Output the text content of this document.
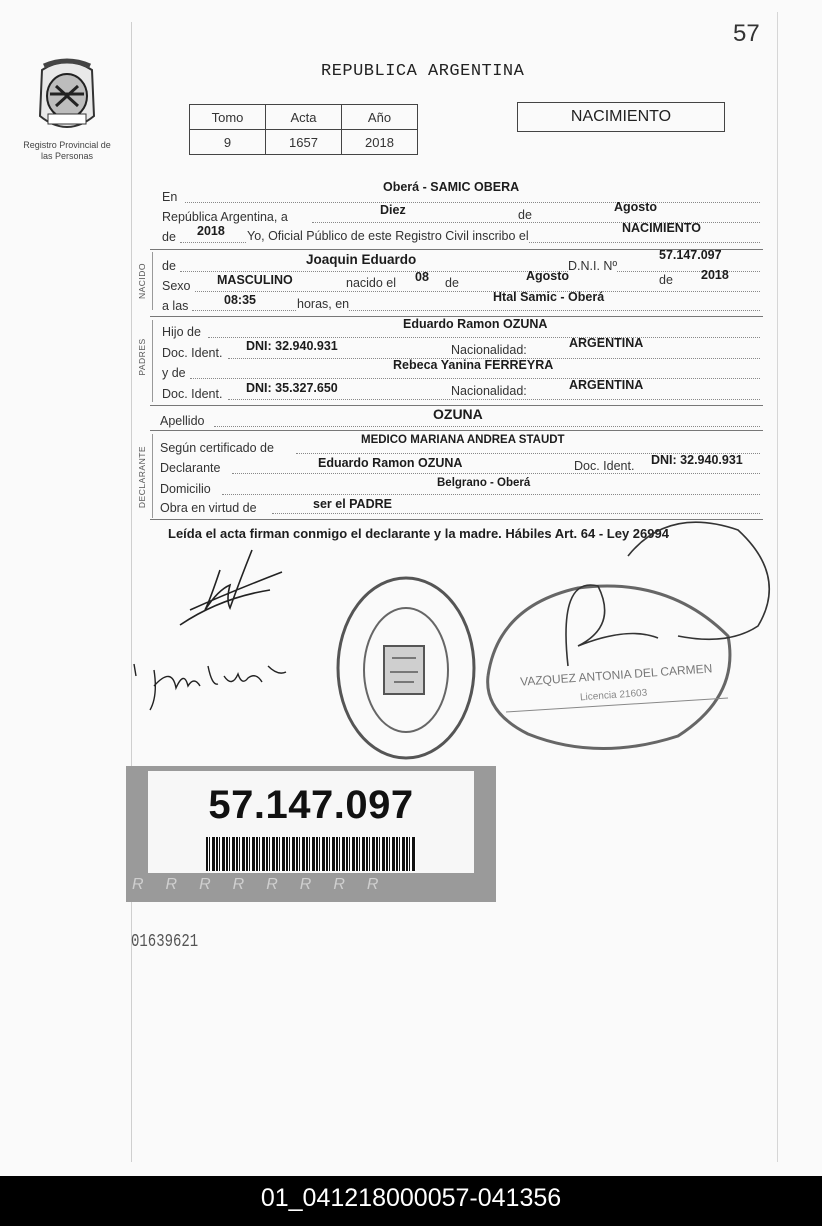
57
Registro Provincial de las Personas
REPUBLICA ARGENTINA
Tomo	Acta	Año
9	1657	2018
NACIMIENTO
En
Oberá - SAMIC OBERA
República Argentina, a	Diez	de
Agosto
de 2018 Yo, Oficial Público de este Registro Civil inscribo el
NACIMIENTO
NACIDO de	Joaquin Eduardo	D.N.I. Nº
57.147.097
Sexo MASCULINO	nacido el 08 de	Agosto	de 2018
a las	08:35	horas, en	Htal Samic - Oberá
PADRES
Hijo de
Eduardo Ramon OZUNA
Doc. Ident. DNI: 32.940.931	Nacionalidad:	ARGENTINA
y de
Rebeca Yanina FERREYRA
Doc. Ident. DNI: 35.327.650	Nacionalidad:	ARGENTINA
Apellido	OZUNA
DECLARANTE Según certificado de
MEDICO MARIANA ANDREA STAUDT
Declarante	Eduardo Ramon OZUNA	Doc. Ident. DNI: 32.940.931
Domicilio	Belgrano - Oberá
Obra en virtud de	ser el PADRE
Leída el acta firman conmigo el declarante y la madre. Hábiles Art. 64 - Ley 26994
VAZQUEZ ANTONIA DEL CARMEN
Licencia 21603
57.147.097
RRRRRRRR
01639621
01_041218000057-041356
